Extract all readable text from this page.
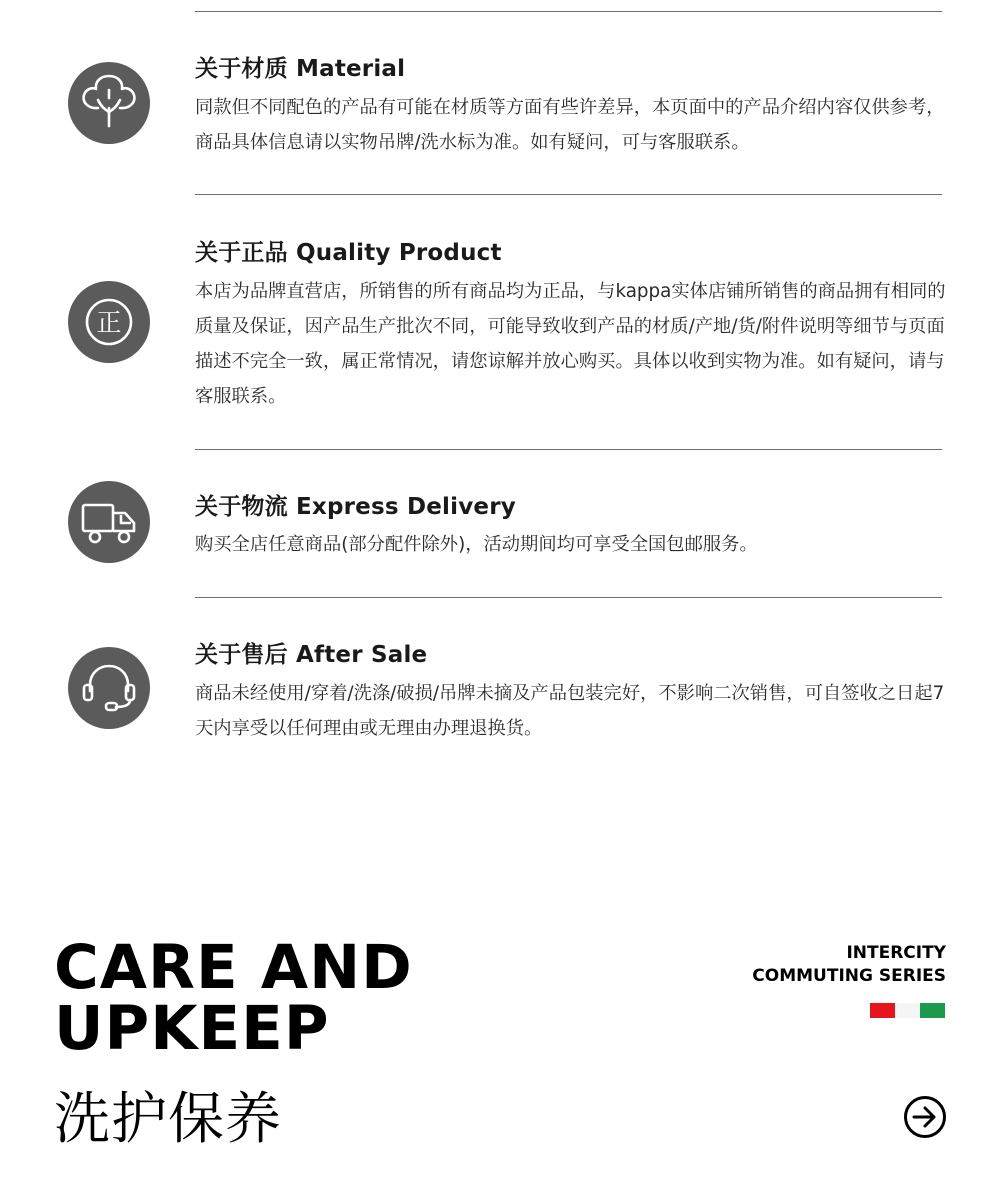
关于材质 Material

同款但不同配色的产品有可能在材质等方面有些许差异，本页面中的产品介绍内容仅供参考，商品具体信息请以实物吊牌/洗水标为准。如有疑问，可与客服联系。

正
关于正品 Quality Product

本店为品牌直营店，所销售的所有商品均为正品，与kappa实体店铺所销售的商品拥有相同的质量及保证，因产品生产批次不同，可能导致收到产品的材质/产地/货/附件说明等细节与页面描述不完全一致，属正常情况，请您谅解并放心购买。具体以收到实物为准。如有疑问，请与客服联系。

关于物流 Express Delivery

购买全店任意商品(部分配件除外)，活动期间均可享受全国包邮服务。

关于售后 After Sale

商品未经使用/穿着/洗涤/破损/吊牌未摘及产品包装完好，不影响二次销售，可自签收之日起7天内享受以任何理由或无理由办理退换货。

CARE AND
UPKEEP
洗护保养
INTERCITY
COMMUTING SERIES
